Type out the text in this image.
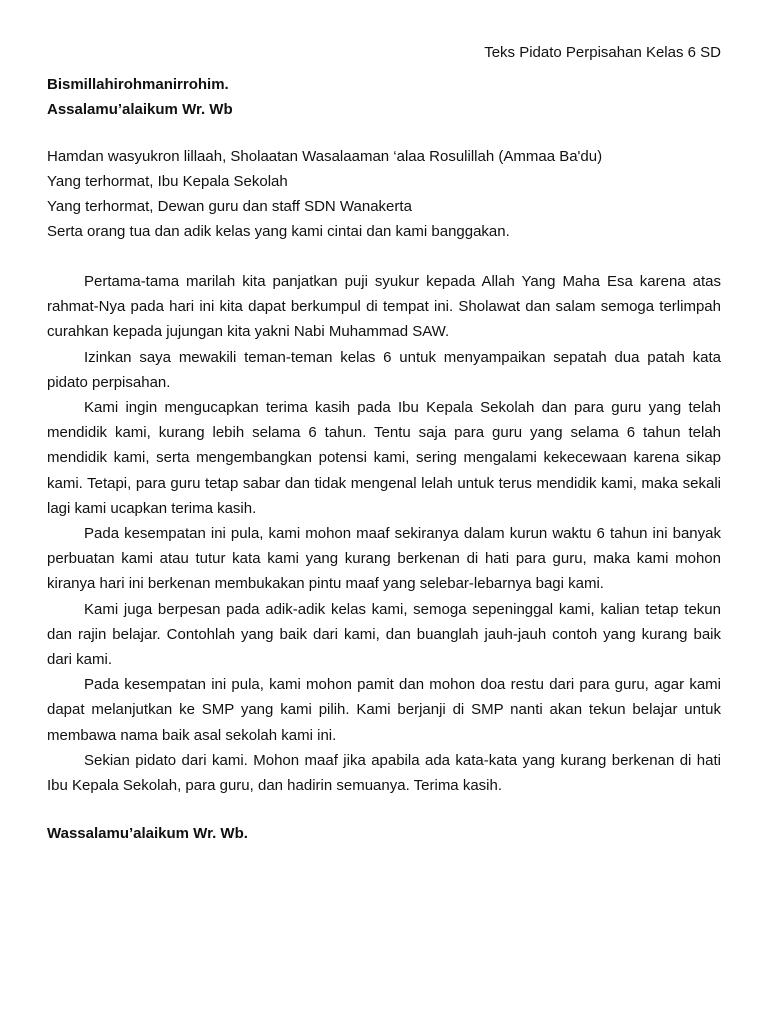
Teks Pidato Perpisahan Kelas 6 SD

Bismillahirohmanirrohim.

Assalamu’alaikum Wr. Wb

Hamdan wasyukron lillaah, Sholaatan Wasalaaman ‘alaa Rosulillah (Ammaa Ba'du)

Yang terhormat, Ibu Kepala Sekolah

Yang terhormat, Dewan guru dan staff SDN Wanakerta

Serta orang tua dan adik kelas yang kami cintai dan kami banggakan.

Pertama-tama marilah kita panjatkan puji syukur kepada Allah Yang Maha Esa karena atas rahmat-Nya pada hari ini kita dapat berkumpul di tempat ini. Sholawat dan salam semoga terlimpah curahkan kepada jujungan kita yakni Nabi Muhammad SAW.

Izinkan saya mewakili teman-teman kelas 6 untuk menyampaikan sepatah dua patah kata pidato perpisahan.

Kami ingin mengucapkan terima kasih pada Ibu Kepala Sekolah dan para guru yang telah mendidik kami, kurang lebih selama 6 tahun. Tentu saja para guru yang selama 6 tahun telah mendidik kami, serta mengembangkan potensi kami, sering mengalami kekecewaan karena sikap kami. Tetapi, para guru tetap sabar dan tidak mengenal lelah untuk terus mendidik kami, maka sekali lagi kami ucapkan terima kasih.

Pada kesempatan ini pula, kami mohon maaf sekiranya dalam kurun waktu 6 tahun ini banyak perbuatan kami atau tutur kata kami yang kurang berkenan di hati para guru, maka kami mohon kiranya hari ini berkenan membukakan pintu maaf yang selebar-lebarnya bagi kami.

Kami juga berpesan pada adik-adik kelas kami, semoga sepeninggal kami, kalian tetap tekun dan rajin belajar. Contohlah yang baik dari kami, dan buanglah jauh-jauh contoh yang kurang baik dari kami.

Pada kesempatan ini pula, kami mohon pamit dan mohon doa restu dari para guru, agar kami dapat melanjutkan ke SMP yang kami pilih. Kami berjanji di SMP nanti akan tekun belajar untuk membawa nama baik asal sekolah kami ini.

Sekian pidato dari kami. Mohon maaf jika apabila ada kata-kata yang kurang berkenan di hati Ibu Kepala Sekolah, para guru, dan hadirin semuanya. Terima kasih.

Wassalamu’alaikum Wr. Wb.
